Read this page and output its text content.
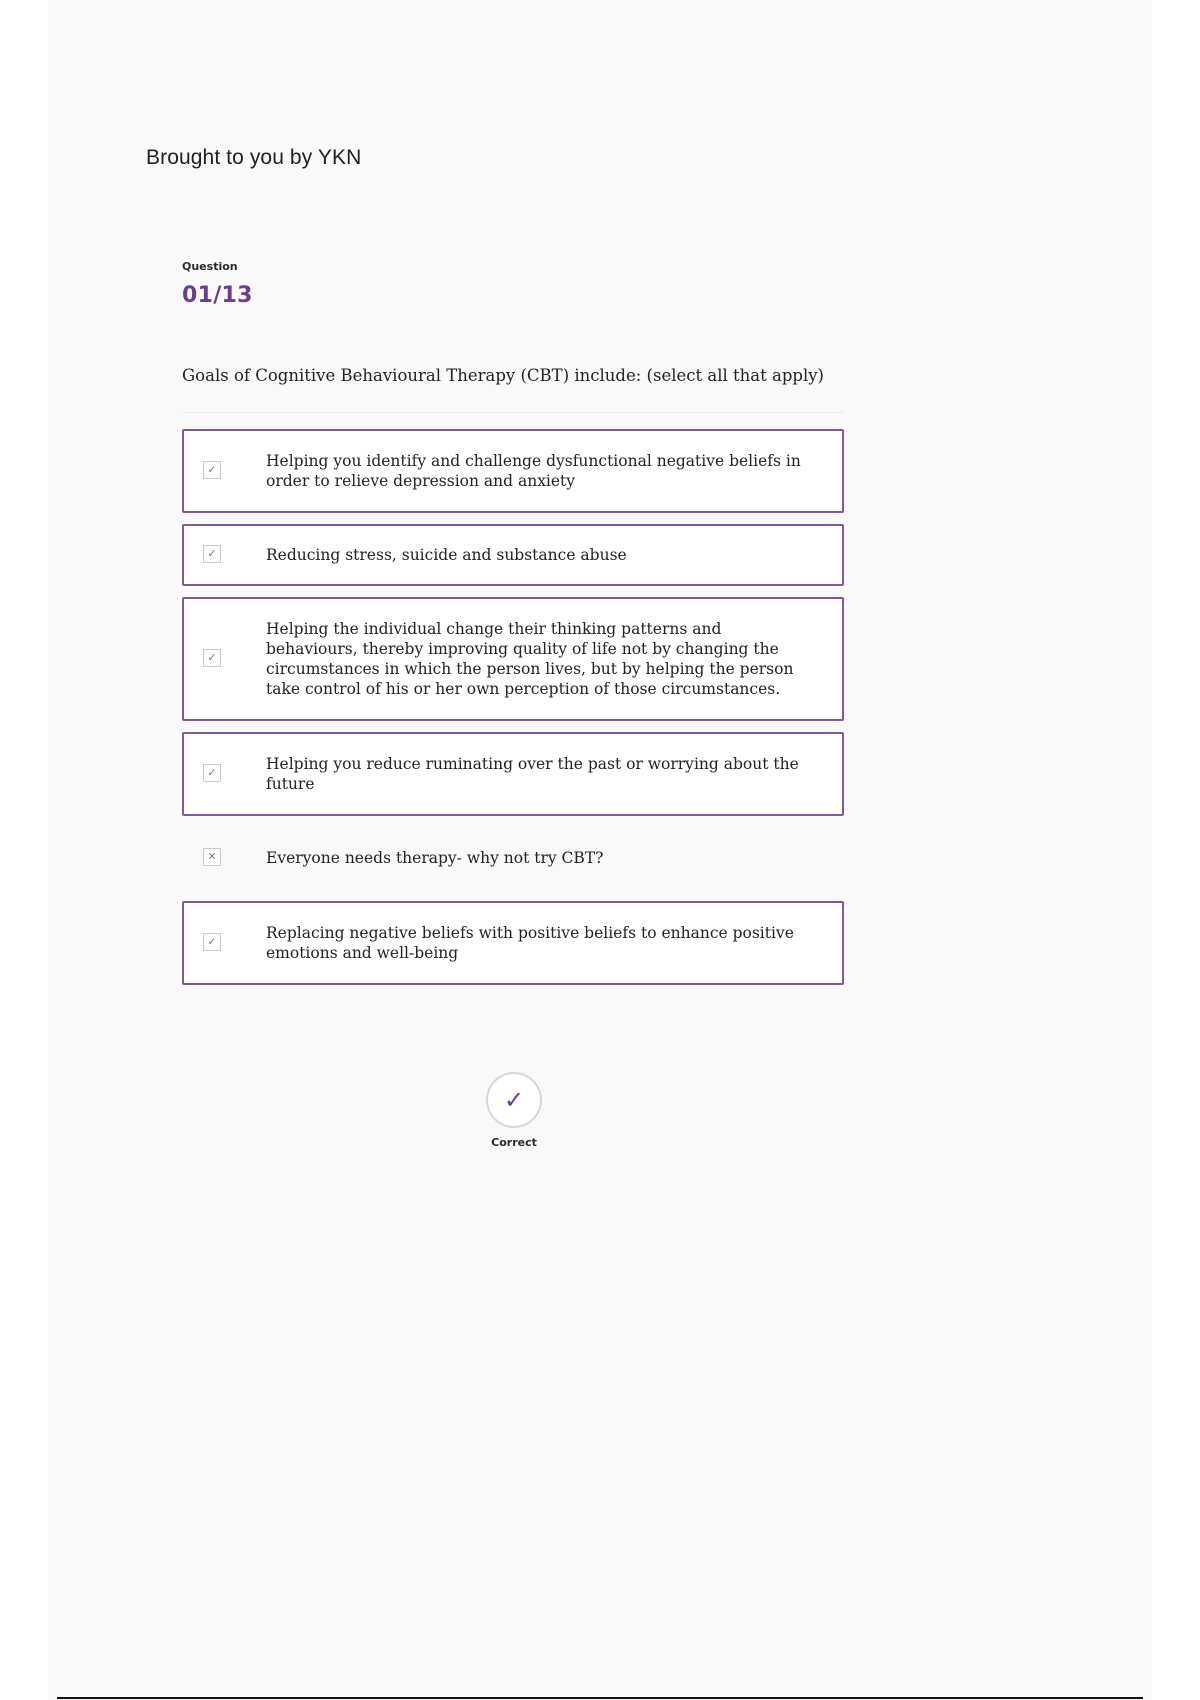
Brought to you by YKN
Question
01/13
Goals of Cognitive Behavioural Therapy (CBT) include: (select all that apply)
✓	Helping you identify and challenge dysfunctional negative beliefs in order to relieve depression and anxiety
✓	Reducing stress, suicide and substance abuse
✓
Helping the individual change their thinking patterns and behaviours, thereby improving quality of life not by changing the circumstances in which the person lives, but by helping the person take control of his or her own perception of those circumstances.
✓	Helping you reduce ruminating over the past or worrying about the future
✕	Everyone needs therapy- why not try CBT?
✓	Replacing negative beliefs with positive beliefs to enhance positive emotions and well-being
✓
Correct
